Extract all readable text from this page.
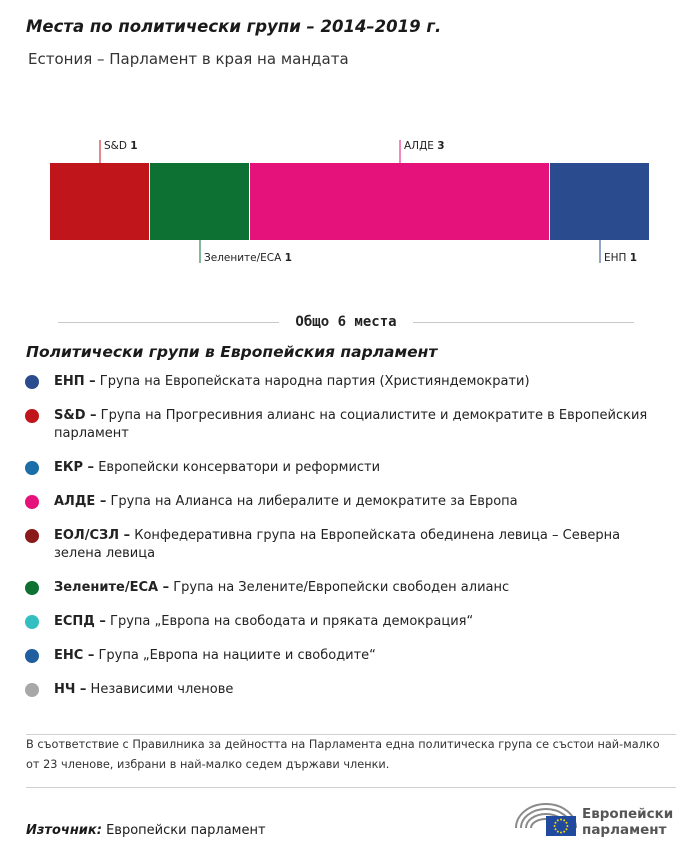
Места по политически групи – 2014–2019 г.
Естония – Парламент в края на мандата
S&D 1
Зелените/ЕСА 1
АЛДЕ 3
ЕНП 1
Общо 6 места
Политически групи в Европейския парламент
ЕНП – Група на Европейската народна партия (Християндемократи)
S&D – Група на Прогресивния алианс на социалистите и демократите в Европейския парламент
ЕКР – Европейски консерватори и реформисти
АЛДЕ – Група на Алианса на либералите и демократите за Европа
ЕОЛ/СЗЛ – Конфедеративна група на Европейската обединена левица – Северна зелена левица
Зелените/ЕСА – Група на Зелените/Европейски свободен алианс
ЕСПД – Група „Европа на свободата и пряката демокрация“
ЕНС – Група „Европа на нациите и свободите“
НЧ – Независими членове
В съответствие с Правилника за дейността на Парламента една политическа група се състои най-малко от 23 членове, избрани в най-малко седем държави членки.
Източник: Европейски парламент
Европейски
парламент
